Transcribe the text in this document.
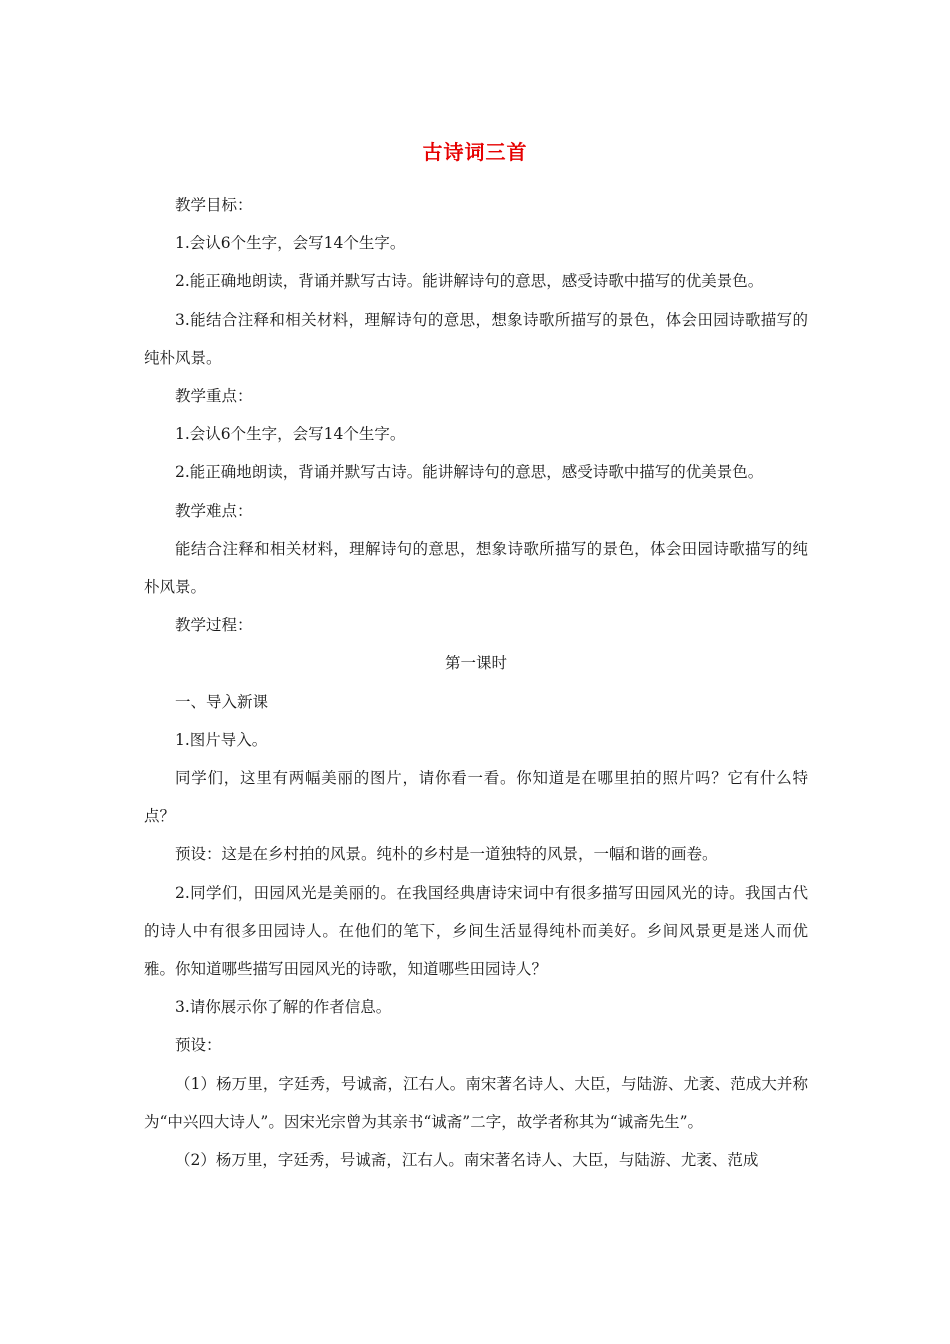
古诗词三首

教学目标：

1.会认6个生字，会写14个生字。

2.能正确地朗读，背诵并默写古诗。能讲解诗句的意思，感受诗歌中描写的优美景色。

3.能结合注释和相关材料，理解诗句的意思，想象诗歌所描写的景色，体会田园诗歌描写的纯朴风景。

教学重点：

1.会认6个生字，会写14个生字。

2.能正确地朗读，背诵并默写古诗。能讲解诗句的意思，感受诗歌中描写的优美景色。

教学难点：

能结合注释和相关材料，理解诗句的意思，想象诗歌所描写的景色，体会田园诗歌描写的纯朴风景。

教学过程：

第一课时

一、导入新课

1.图片导入。

同学们，这里有两幅美丽的图片，请你看一看。你知道是在哪里拍的照片吗？它有什么特点？

预设：这是在乡村拍的风景。纯朴的乡村是一道独特的风景，一幅和谐的画卷。

2.同学们，田园风光是美丽的。在我国经典唐诗宋词中有很多描写田园风光的诗。我国古代的诗人中有很多田园诗人。在他们的笔下，乡间生活显得纯朴而美好。乡间风景更是迷人而优雅。你知道哪些描写田园风光的诗歌，知道哪些田园诗人？

3.请你展示你了解的作者信息。

预设：

（1）杨万里，字廷秀，号诚斋，江右人。南宋著名诗人、大臣，与陆游、尤袤、范成大并称为“中兴四大诗人”。因宋光宗曾为其亲书“诚斋”二字，故学者称其为“诚斋先生”。

（2）杨万里，字廷秀，号诚斋，江右人。南宋著名诗人、大臣，与陆游、尤袤、范成
